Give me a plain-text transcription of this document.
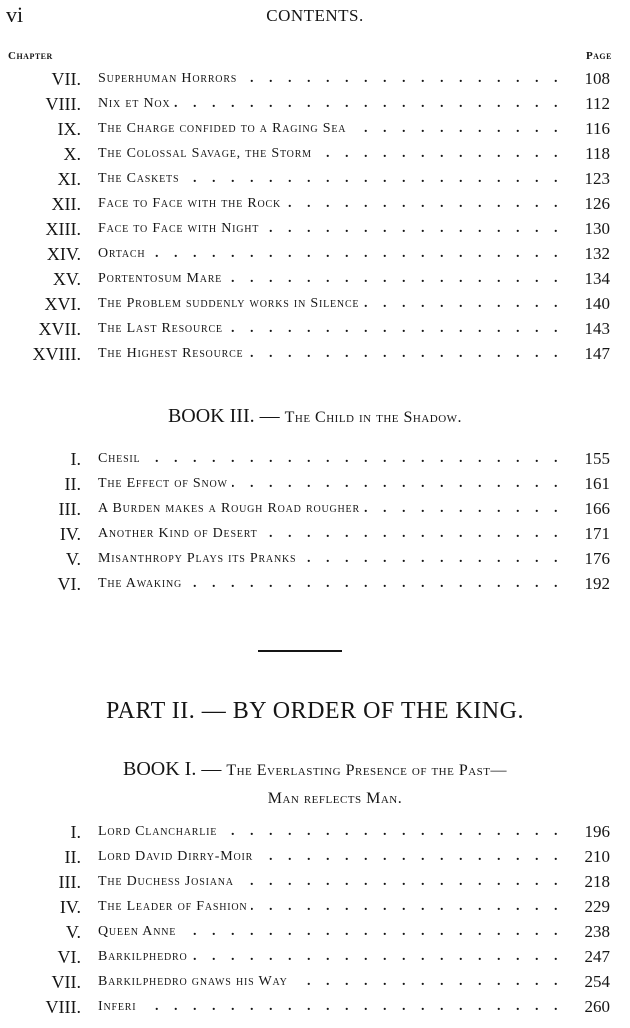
vi	CONTENTS.
Chapter	Page
VII. Superhuman Horrors . . .	108
VIII. Nix et Nox . . .	112
IX. The Charge confided to a Raging Sea . . .	116
X. The Colossal Savage, the Storm . . .	118
XI. The Caskets . . .	123
XII. Face to Face with the Rock . . .	126
XIII. Face to Face with Night . . .	130
XIV. Ortach . . .	132
XV. Portentosum Mare . . .	134
XVI. The Problem suddenly works in Silence . . .	140
XVII. The Last Resource . . .	143
XVIII. The Highest Resource . . .	147
BOOK III. — The Child in the Shadow.
I. Chesil . . .	155
II. The Effect of Snow . . .	161
III. A Burden makes a Rough Road rougher . . .	166
IV. Another Kind of Desert . . .	171
V. Misanthropy Plays its Pranks . . .	176
VI. The Awaking . . .	192
PART II. — BY ORDER OF THE KING.
BOOK I. — The Everlasting Presence of the Past—
Man reflects Man.
I. Lord Clancharlie . . .	196
II. Lord David Dirry-Moir . . .	210
III. The Duchess Josiana . . .	218
IV. The Leader of Fashion . . .	229
V. Queen Anne . . .	238
VI. Barkilphedro . . .	247
VII. Barkilphedro gnaws his Way . . .	254
VIII. Inferi . . .	260
